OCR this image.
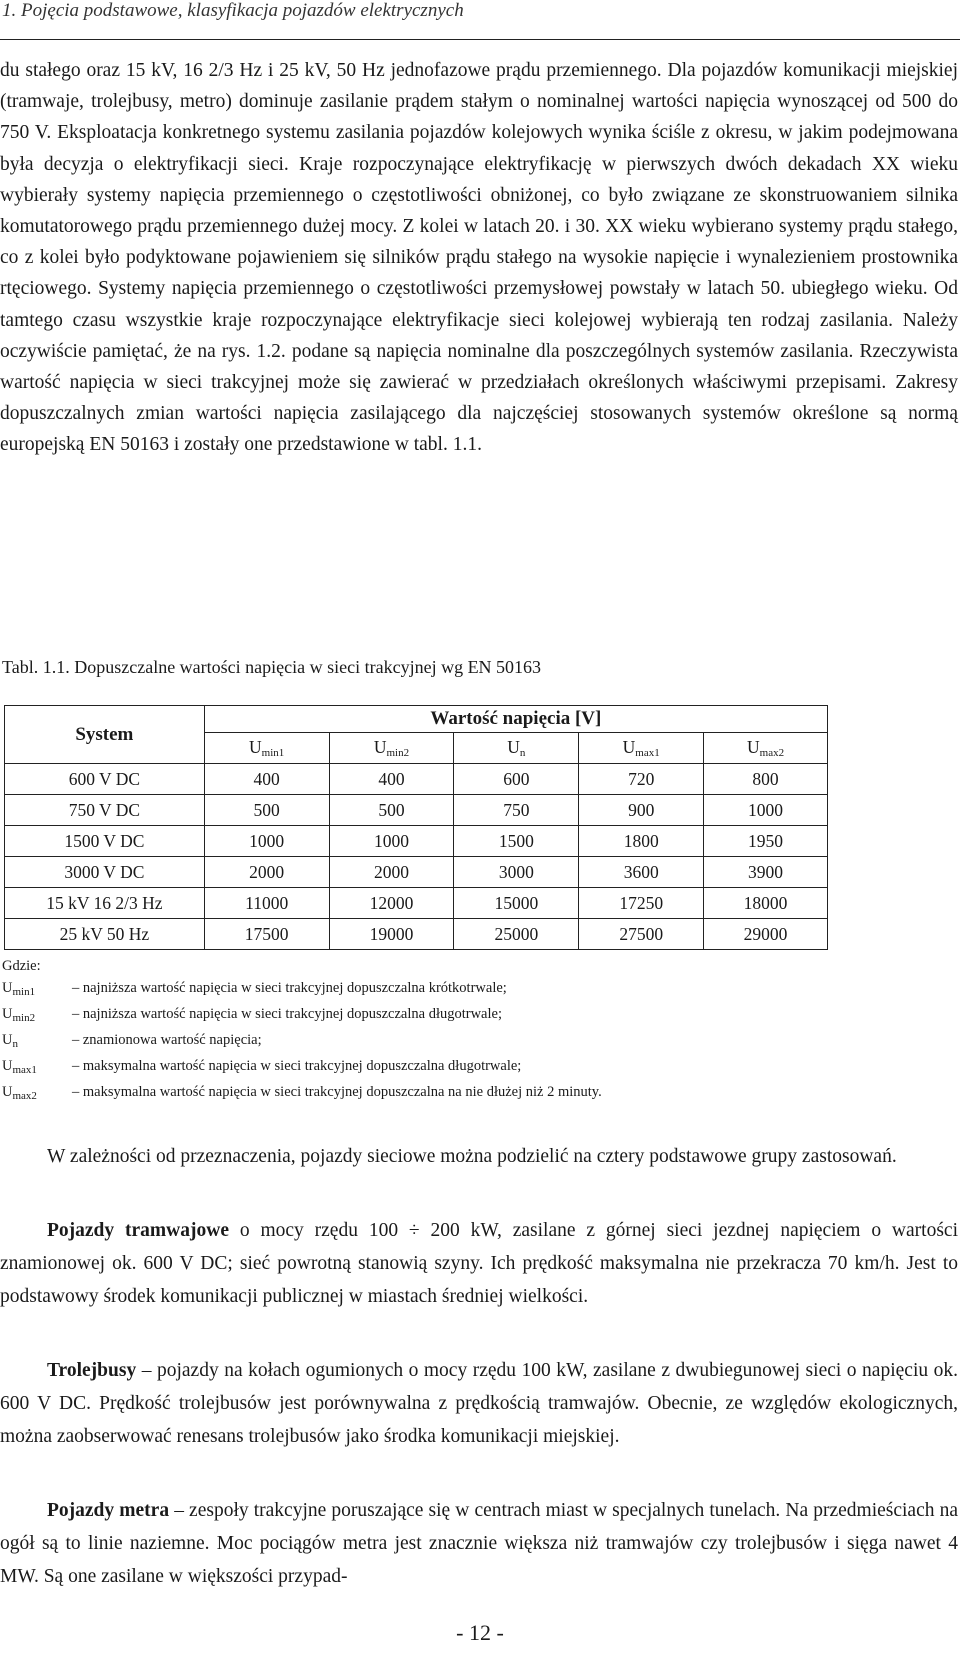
1. Pojęcia podstawowe, klasyfikacja pojazdów elektrycznych

du stałego oraz 15 kV, 16 2/3 Hz i 25 kV, 50 Hz jednofazowe prądu przemiennego. Dla pojazdów komunikacji miejskiej (tramwaje, trolejbusy, metro) dominuje zasilanie prądem stałym o nominalnej wartości napięcia wynoszącej od 500 do 750 V. Eksploatacja konkretnego systemu zasilania pojazdów kolejowych wynika ściśle z okresu, w jakim podejmowana była decyzja o elektryfikacji sieci. Kraje rozpoczynające elektryfikację w pierwszych dwóch dekadach XX wieku wybierały systemy napięcia przemiennego o częstotliwości obniżonej, co było związane ze skonstruowaniem silnika komutatorowego prądu przemiennego dużej mocy. Z kolei w latach 20. i 30. XX wieku wybierano systemy prądu stałego, co z kolei było podyktowane pojawieniem się silników prądu stałego na wysokie napięcie i wynalezieniem prostownika rtęciowego. Systemy napięcia przemiennego o częstotliwości przemysłowej powstały w latach 50. ubiegłego wieku. Od tamtego czasu wszystkie kraje rozpoczynające elektryfikacje sieci kolejowej wybierają ten rodzaj zasilania. Należy oczywiście pamiętać, że na rys. 1.2. podane są napięcia nominalne dla poszczególnych systemów zasilania. Rzeczywista wartość napięcia w sieci trakcyjnej może się zawierać w przedziałach określonych właściwymi przepisami. Zakresy dopuszczalnych zmian wartości napięcia zasilającego dla najczęściej stosowanych systemów określone są normą europejską EN 50163 i zostały one przedstawione w tabl. 1.1.

Tabl. 1.1. Dopuszczalne wartości napięcia w sieci trakcyjnej wg EN 50163
System	Wartość napięcia [V]				
	$U_{min1}$	$U_{min2}$	$U_n$	$U_{max1}$	$U_{max2}$
600 V DC	400	400	600	720	800
750 V DC	500	500	750	900	1000
1500 V DC	1000	1000	1500	1800	1950
3000 V DC	2000	2000	3000	3600	3900
15 kV 16 2/3 Hz	11000	12000	15000	17250	18000
25 kV 50 Hz	17500	19000	25000	27500	29000
Gdzie:
$U_{min1}$	– najniższa wartość napięcia w sieci trakcyjnej dopuszczalna krótkotrwale;
$U_{min2}$	– najniższa wartość napięcia w sieci trakcyjnej dopuszczalna długotrwale;
$U_n$	– znamionowa wartość napięcia;
$U_{max1}$	– maksymalna wartość napięcia w sieci trakcyjnej dopuszczalna długotrwale;
$U_{max2}$	– maksymalna wartość napięcia w sieci trakcyjnej dopuszczalna na nie dłużej niż 2 minuty.

W zależności od przeznaczenia, pojazdy sieciowe można podzielić na cztery podstawowe grupy zastosowań.

Pojazdy tramwajowe o mocy rzędu 100 ÷ 200 kW, zasilane z górnej sieci jezdnej napięciem o wartości znamionowej ok. 600 V DC; sieć powrotną stanowią szyny. Ich prędkość maksymalna nie przekracza 70 km/h. Jest to podstawowy środek komunikacji publicznej w miastach średniej wielkości.

Trolejbusy – pojazdy na kołach ogumionych o mocy rzędu 100 kW, zasilane z dwubiegunowej sieci o napięciu ok. 600 V DC. Prędkość trolejbusów jest porównywalna z prędkością tramwajów. Obecnie, ze względów ekologicznych, można zaobserwować renesans trolejbusów jako środka komunikacji miejskiej.

Pojazdy metra – zespoły trakcyjne poruszające się w centrach miast w specjalnych tunelach. Na przedmieściach na ogół są to linie naziemne. Moc pociągów metra jest znacznie większa niż tramwajów czy trolejbusów i sięga nawet 4 MW. Są one zasilane w większości przypad-

- 12 -
